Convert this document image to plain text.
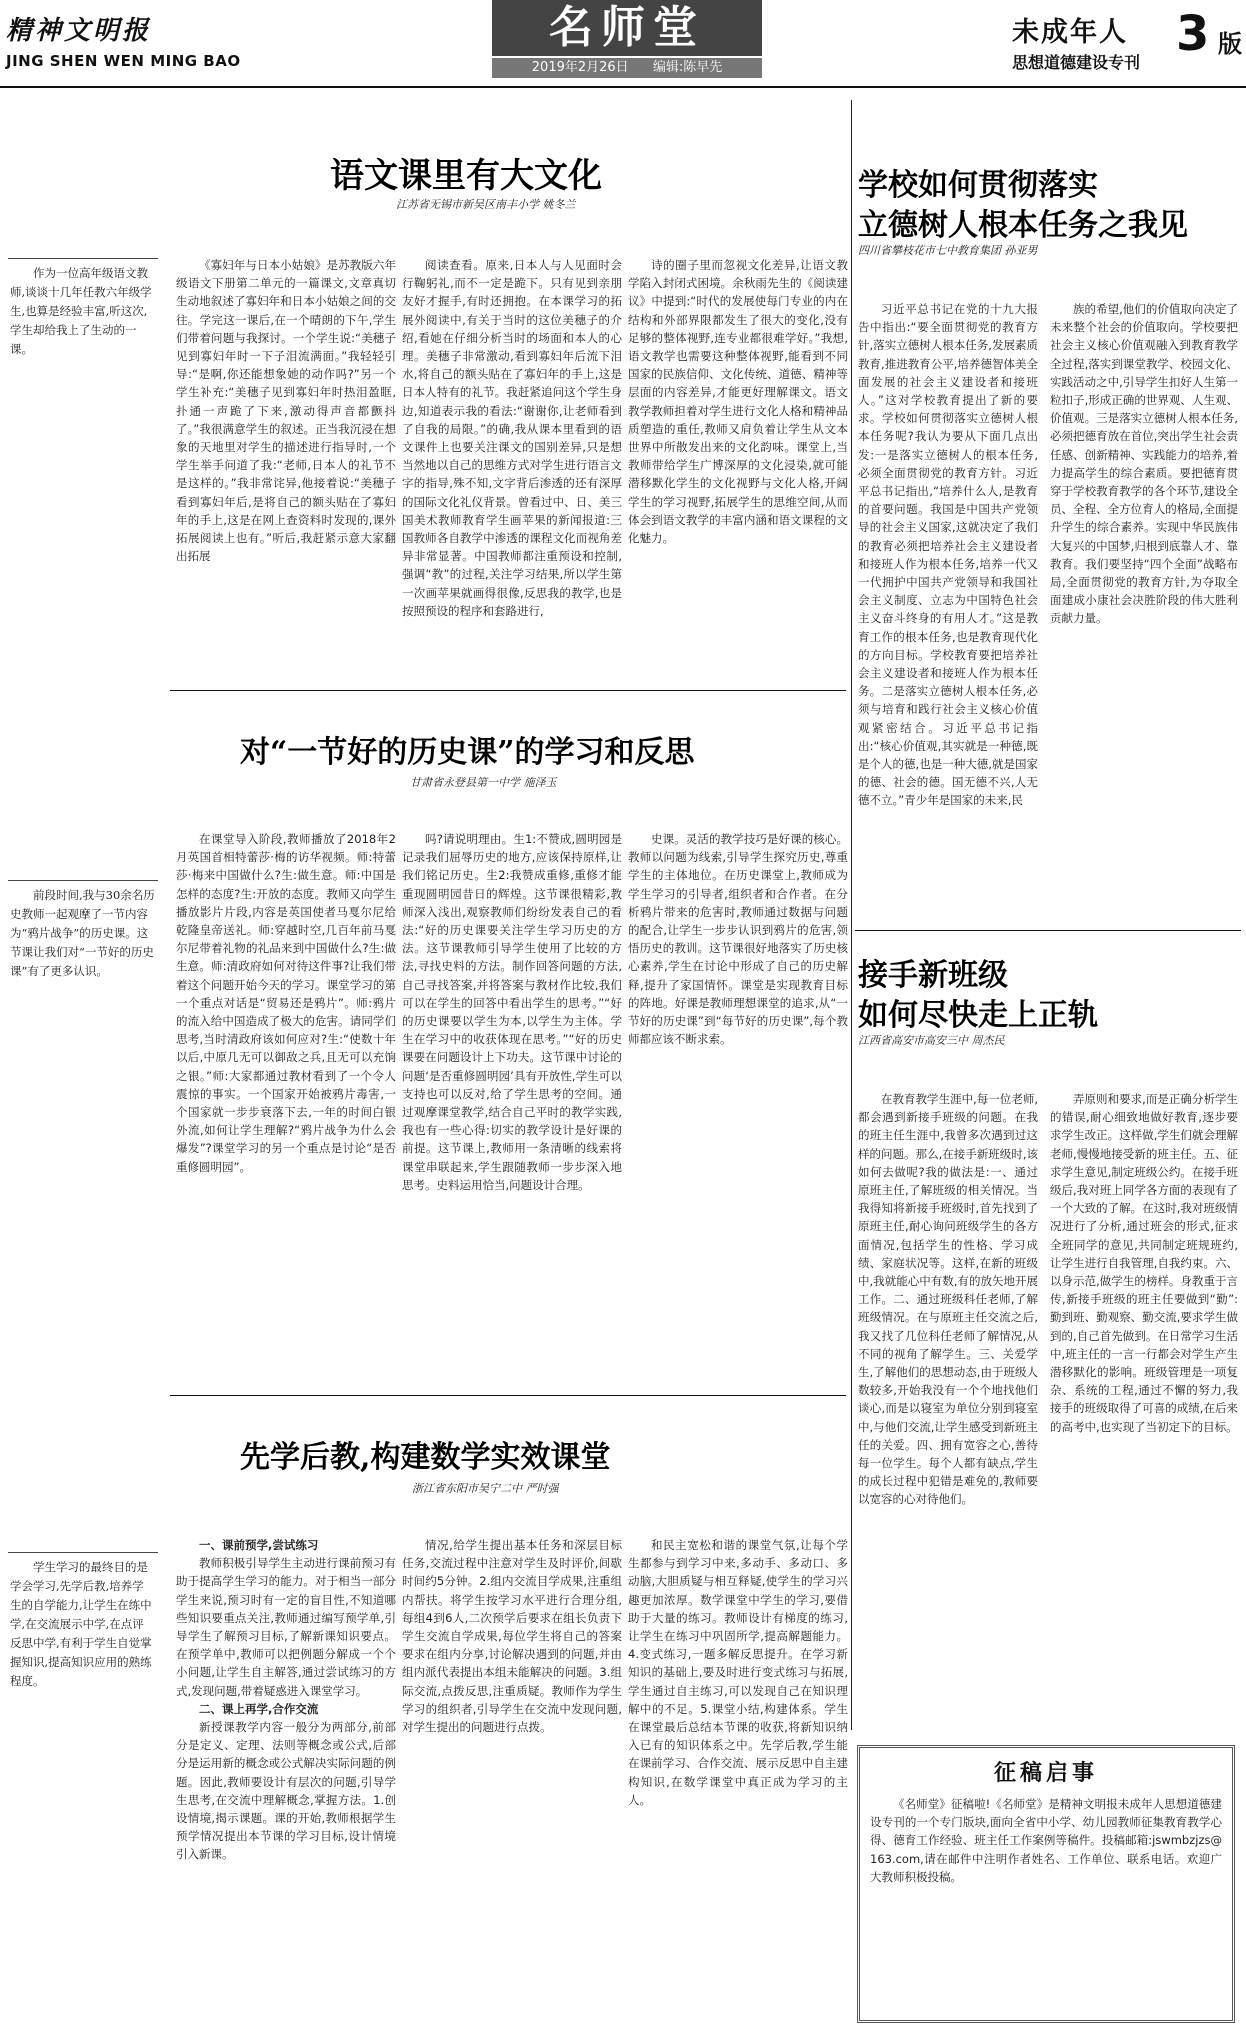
精神文明报
JING SHEN WEN MING BAO
名师堂
2019年2月26日 编辑:陈早先
未成年人
思想道德建设专刊
3 版
作为一位高年级语文教师,谈谈十几年任教六年级学生,也算是经验丰富,听这次,学生却给我上了生动的一课。
前段时间,我与30余名历史教师一起观摩了一节内容为“鸦片战争”的历史课。这节课让我们对“一节好的历史课”有了更多认识。
学生学习的最终目的是学会学习,先学后教,培养学生的自学能力,让学生在练中学,在交流展示中学,在点评反思中学,有利于学生自觉掌握知识,提高知识应用的熟练程度。
语文课里有大文化
江苏省无锡市新吴区南丰小学 姚冬兰

《寡妇年与日本小姑娘》是苏教版六年级语文下册第二单元的一篇课文,文章真切生动地叙述了寡妇年和日本小姑娘之间的交往。学完这一课后,在一个晴朗的下午,学生们带着问题与我探讨。一个学生说:“美穗子见到寡妇年时一下子泪流满面。”我轻轻引导:“是啊,你还能想象她的动作吗?”另一个学生补充:“美穗子见到寡妇年时热泪盈眶,扑通一声跪了下来,激动得声音都颤抖了。”我很满意学生的叙述。正当我沉浸在想象的天地里对学生的描述进行指导时,一个学生举手问道了我:“老师,日本人的礼节不是这样的。”我非常诧异,他接着说:“美穗子看到寡妇年后,是将自己的额头贴在了寡妇年的手上,这是在网上查资料时发现的,课外拓展阅读上也有。”听后,我赶紧示意大家翻出拓展

阅读查看。原来,日本人与人见面时会行鞠躬礼,而不一定是跪下。只有见到亲朋友好才握手,有时还拥抱。在本课学习的拓展外阅读中,有关于当时的这位美穗子的介绍,看她在仔细分析当时的场面和本人的心理。美穗子非常激动,看到寡妇年后流下泪水,将自己的额头贴在了寡妇年的手上,这是日本人特有的礼节。我赶紧追问这个学生身边,知道表示我的看法:“谢谢你,让老师看到了自我的局限。”的确,我从课本里看到的语文课件上也要关注课文的国别差异,只是想当然地以自己的思维方式对学生进行语言文字的指导,殊不知,文字背后渗透的还有深厚的国际文化礼仪背景。曾看过中、日、美三国美术教师教育学生画苹果的新闻报道:三国教师各自教学中渗透的课程文化而视角差异非常显著。中国教师都注重预设和控制,强调“教”的过程,关注学习结果,所以学生第一次画苹果就画得很像,反思我的教学,也是按照预设的程序和套路进行,

诗的圈子里而忽视文化差异,让语文教学陷入封闭式困境。余秋雨先生的《阅读建议》中提到:“时代的发展使每门专业的内在结构和外部界限都发生了很大的变化,没有足够的整体视野,连专业都很难学好。”我想,语文教学也需要这种整体视野,能看到不同国家的民族信仰、文化传统、道德、精神等层面的内容差异,才能更好理解课文。语文教学教师担着对学生进行文化人格和精神品质塑造的重任,教师又肩负着让学生从文本世界中所散发出来的文化韵味。课堂上,当教师带给学生广博深厚的文化浸染,就可能潜移默化学生的文化视野与文化人格,开阔学生的学习视野,拓展学生的思维空间,从而体会到语文教学的丰富内涵和语文课程的文化魅力。

学校如何贯彻落实
立德树人根本任务之我见
四川省攀枝花市七中教育集团 孙亚男

习近平总书记在党的十九大报告中指出:“要全面贯彻党的教育方针,落实立德树人根本任务,发展素质教育,推进教育公平,培养德智体美全面发展的社会主义建设者和接班人。”这对学校教育提出了新的要求。学校如何贯彻落实立德树人根本任务呢?我认为要从下面几点出发:一是落实立德树人的根本任务,必须全面贯彻党的教育方针。习近平总书记指出,“培养什么人,是教育的首要问题。我国是中国共产党领导的社会主义国家,这就决定了我们的教育必须把培养社会主义建设者和接班人作为根本任务,培养一代又一代拥护中国共产党领导和我国社会主义制度、立志为中国特色社会主义奋斗终身的有用人才。”这是教育工作的根本任务,也是教育现代化的方向目标。学校教育要把培养社会主义建设者和接班人作为根本任务。二是落实立德树人根本任务,必须与培育和践行社会主义核心价值观紧密结合。习近平总书记指出:“核心价值观,其实就是一种德,既是个人的德,也是一种大德,就是国家的德、社会的德。国无德不兴,人无德不立。”青少年是国家的未来,民

族的希望,他们的价值取向决定了未来整个社会的价值取向。学校要把社会主义核心价值观融入到教育教学全过程,落实到课堂教学、校园文化、实践活动之中,引导学生扣好人生第一粒扣子,形成正确的世界观、人生观、价值观。三是落实立德树人根本任务,必须把德育放在首位,突出学生社会责任感、创新精神、实践能力的培养,着力提高学生的综合素质。要把德育贯穿于学校教育教学的各个环节,建设全员、全程、全方位育人的格局,全面提升学生的综合素养。实现中华民族伟大复兴的中国梦,归根到底靠人才、靠教育。我们要坚持“四个全面”战略布局,全面贯彻党的教育方针,为夺取全面建成小康社会决胜阶段的伟大胜利贡献力量。

对“一节好的历史课”的学习和反思
甘肃省永登县第一中学 施泽玉

在课堂导入阶段,教师播放了2018年2月英国首相特蕾莎·梅的访华视频。师:特蕾莎·梅来中国做什么?生:做生意。师:中国是怎样的态度?生:开放的态度。教师又向学生播放影片片段,内容是英国使者马戛尔尼给乾隆皇帝送礼。师:穿越时空,几百年前马戛尔尼带着礼物的礼品来到中国做什么?生:做生意。师:清政府如何对待这件事?让我们带着这个问题开始今天的学习。课堂学习的第一个重点对话是“贸易还是鸦片”。师:鸦片的流入给中国造成了极大的危害。请同学们思考,当时清政府该如何应对?生:“使数十年以后,中原几无可以御敌之兵,且无可以充饷之银。”师:大家都通过教材看到了一个令人震惊的事实。一个国家开始被鸦片毒害,一个国家就一步步衰落下去,一年的时间白银外流,如何让学生理解?“鸦片战争为什么会爆发”?课堂学习的另一个重点是讨论“是否重修圆明园”。

吗?请说明理由。生1:不赞成,圆明园是记录我们屈辱历史的地方,应该保持原样,让我们铭记历史。生2:我赞成重修,重修才能重现圆明园昔日的辉煌。这节课很精彩,教师深入浅出,观察教师们纷纷发表自己的看法:“好的历史课要关注学生学习历史的方法。这节课教师引导学生使用了比较的方法,寻找史料的方法。制作回答问题的方法,自己寻找答案,并将答案与教材作比较,我们可以在学生的回答中看出学生的思考。”“好的历史课要以学生为本,以学生为主体。学生在学习中的收获体现在思考。”“好的历史课要在问题设计上下功夫。这节课中讨论的问题‘是否重修圆明园’具有开放性,学生可以支持也可以反对,给了学生思考的空间。通过观摩课堂教学,结合自己平时的教学实践,我也有一些心得:切实的教学设计是好课的前提。这节课上,教师用一条清晰的线索将课堂串联起来,学生跟随教师一步步深入地思考。史料运用恰当,问题设计合理。

史课。灵活的教学技巧是好课的核心。教师以问题为线索,引导学生探究历史,尊重学生的主体地位。在历史课堂上,教师成为学生学习的引导者,组织者和合作者。在分析鸦片带来的危害时,教师通过数据与问题的配合,让学生一步步认识到鸦片的危害,领悟历史的教训。这节课很好地落实了历史核心素养,学生在讨论中形成了自己的历史解释,提升了家国情怀。课堂是实现教育目标的阵地。好课是教师理想课堂的追求,从“一节好的历史课”到“每节好的历史课”,每个教师都应该不断求索。

接手新班级
如何尽快走上正轨
江西省高安市高安三中 周杰民

在教育教学生涯中,每一位老师,都会遇到新接手班级的问题。在我的班主任生涯中,我曾多次遇到过这样的问题。那么,在接手新班级时,该如何去做呢?我的做法是:一、通过原班主任,了解班级的相关情况。当我得知将新接手班级时,首先找到了原班主任,耐心询问班级学生的各方面情况,包括学生的性格、学习成绩、家庭状况等。这样,在新的班级中,我就能心中有数,有的放矢地开展工作。二、通过班级科任老师,了解班级情况。在与原班主任交流之后,我又找了几位科任老师了解情况,从不同的视角了解学生。三、关爱学生,了解他们的思想动态,由于班级人数较多,开始我没有一个个地找他们谈心,而是以寝室为单位分别到寝室中,与他们交流,让学生感受到新班主任的关爱。四、拥有宽容之心,善待每一位学生。每个人都有缺点,学生的成长过程中犯错是难免的,教师要以宽容的心对待他们。

弄原则和要求,而是正确分析学生的错误,耐心细致地做好教育,逐步要求学生改正。这样做,学生们就会理解老师,慢慢地接受新的班主任。五、征求学生意见,制定班级公约。在接手班级后,我对班上同学各方面的表现有了一个大致的了解。在这时,我对班级情况进行了分析,通过班会的形式,征求全班同学的意见,共同制定班规班约,让学生进行自我管理,自我约束。六、以身示范,做学生的榜样。身教重于言传,新接手班级的班主任要做到“勤”:勤到班、勤观察、勤交流,要求学生做到的,自己首先做到。在日常学习生活中,班主任的一言一行都会对学生产生潜移默化的影响。班级管理是一项复杂、系统的工程,通过不懈的努力,我接手的班级取得了可喜的成绩,在后来的高考中,也实现了当初定下的目标。

先学后教,构建数学实效课堂
浙江省东阳市吴宁二中 严时强

一、课前预学,尝试练习

教师积极引导学生主动进行课前预习有助于提高学生学习的能力。对于相当一部分学生来说,预习时有一定的盲目性,不知道哪些知识要重点关注,教师通过编写预学单,引导学生了解预习目标,了解新课知识要点。在预学单中,教师可以把例题分解成一个个小问题,让学生自主解答,通过尝试练习的方式,发现问题,带着疑惑进入课堂学习。

二、课上再学,合作交流

新授课教学内容一般分为两部分,前部分是定义、定理、法则等概念或公式,后部分是运用新的概念或公式解决实际问题的例题。因此,教师要设计有层次的问题,引导学生思考,在交流中理解概念,掌握方法。1.创设情境,揭示课题。课的开始,教师根据学生预学情况提出本节课的学习目标,设计情境引入新课。

情况,给学生提出基本任务和深层目标任务,交流过程中注意对学生及时评价,间歇时间约5分钟。2.组内交流目学成果,注重组内帮扶。将学生按学习水平进行合理分组,每组4到6人,二次预学后要求在组长负责下学生交流自学成果,每位学生将自己的答案要求在组内分享,讨论解决遇到的问题,并由组内派代表提出本组未能解决的问题。3.组际交流,点拨反思,注重质疑。教师作为学生学习的组织者,引导学生在交流中发现问题,对学生提出的问题进行点拨。

和民主宽松和谐的课堂气氛,让每个学生都参与到学习中来,多动手、多动口、多动脑,大胆质疑与相互释疑,使学生的学习兴趣更加浓厚。数学课堂中学生的学习,要借助于大量的练习。教师设计有梯度的练习,让学生在练习中巩固所学,提高解题能力。4.变式练习,一题多解反思提升。在学习新知识的基础上,要及时进行变式练习与拓展,学生通过自主练习,可以发现自己在知识理解中的不足。5.课堂小结,构建体系。学生在课堂最后总结本节课的收获,将新知识纳入已有的知识体系之中。先学后教,学生能在课前学习、合作交流、展示反思中自主建构知识,在数学课堂中真正成为学习的主人。

征稿启事

《名师堂》征稿啦!《名师堂》是精神文明报未成年人思想道德建设专刊的一个专门版块,面向全省中小学、幼儿园教师征集教育教学心得、德育工作经验、班主任工作案例等稿件。投稿邮箱:jswmbzjzs@163.com,请在邮件中注明作者姓名、工作单位、联系电话。欢迎广大教师积极投稿。
